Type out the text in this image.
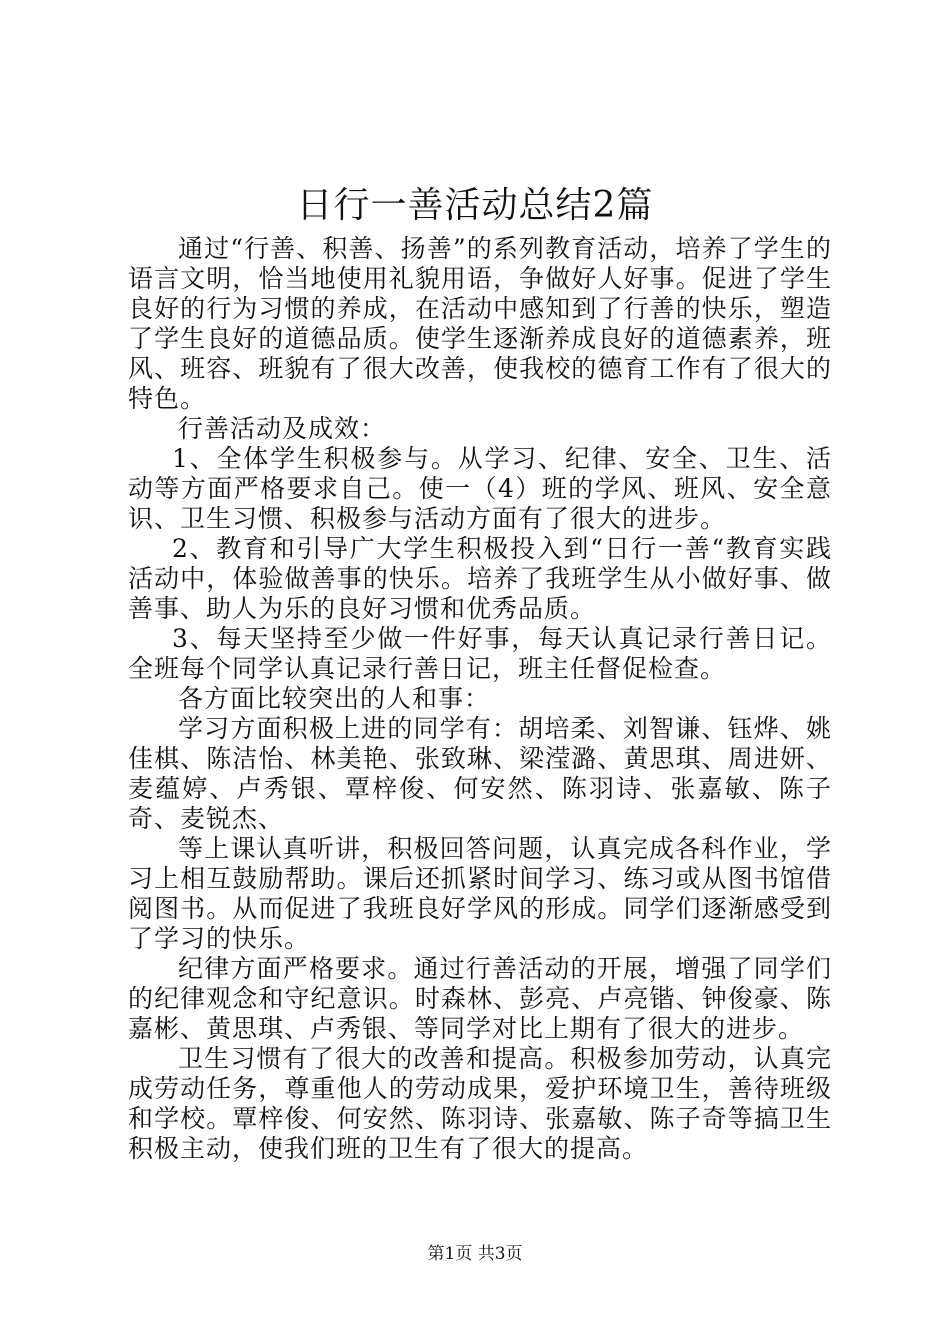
日行一善活动总结2篇

通过“行善、积善、扬善”的系列教育活动，培养了学生的语言文明，恰当地使用礼貌用语，争做好人好事。促进了学生良好的行为习惯的养成，在活动中感知到了行善的快乐，塑造了学生良好的道德品质。使学生逐渐养成良好的道德素养，班风、班容、班貌有了很大改善，使我校的德育工作有了很大的特色。

行善活动及成效：

1、全体学生积极参与。从学习、纪律、安全、卫生、活动等方面严格要求自己。使一（4）班的学风、班风、安全意识、卫生习惯、积极参与活动方面有了很大的进步。

2、教育和引导广大学生积极投入到“日行一善“教育实践活动中，体验做善事的快乐。培养了我班学生从小做好事、做善事、助人为乐的良好习惯和优秀品质。

3、每天坚持至少做一件好事，每天认真记录行善日记。全班每个同学认真记录行善日记，班主任督促检查。

各方面比较突出的人和事：

学习方面积极上进的同学有：胡培柔、刘智谦、钰烨、姚佳棋、陈洁怡、林美艳、张致琳、梁滢潞、黄思琪、周进妍、麦蕴婷、卢秀银、覃梓俊、何安然、陈羽诗、张嘉敏、陈子奇、麦锐杰、

等上课认真听讲，积极回答问题，认真完成各科作业，学习上相互鼓励帮助。课后还抓紧时间学习、练习或从图书馆借阅图书。从而促进了我班良好学风的形成。同学们逐渐感受到了学习的快乐。

纪律方面严格要求。通过行善活动的开展，增强了同学们的纪律观念和守纪意识。时森林、彭亮、卢亮锴、钟俊豪、陈嘉彬、黄思琪、卢秀银、等同学对比上期有了很大的进步。

卫生习惯有了很大的改善和提高。积极参加劳动，认真完成劳动任务，尊重他人的劳动成果，爱护环境卫生，善待班级和学校。覃梓俊、何安然、陈羽诗、张嘉敏、陈子奇等搞卫生积极主动，使我们班的卫生有了很大的提高。

第1页 共3页
